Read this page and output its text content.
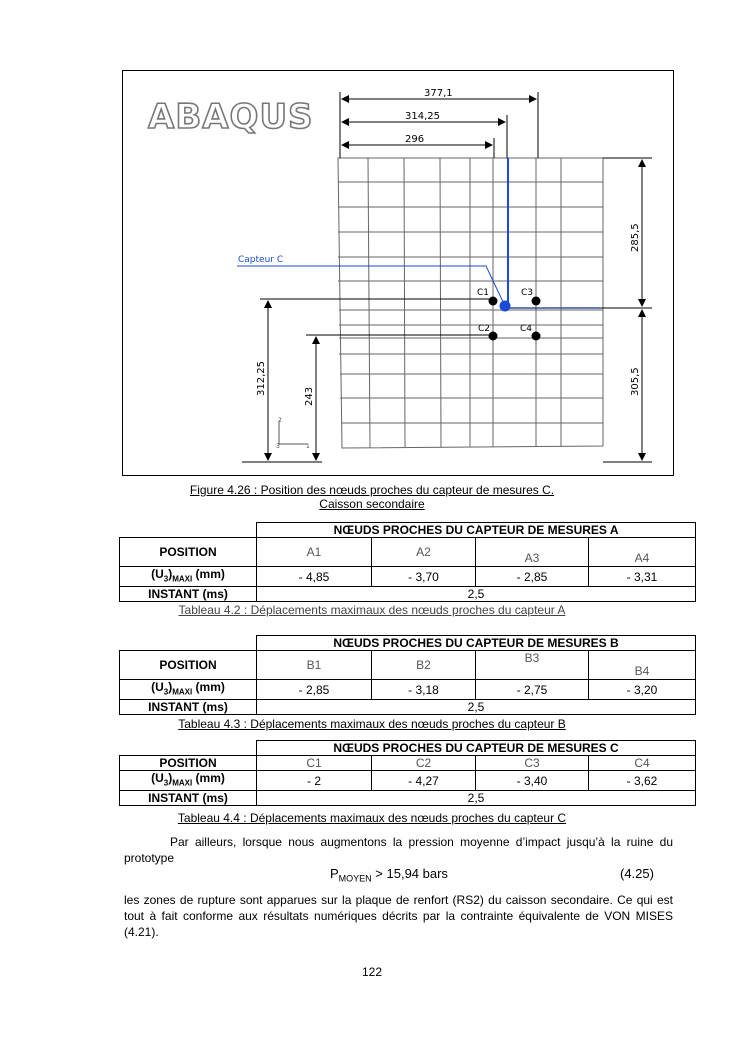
ABAQUS
377,1
314,25
296
285,5
305,5
312,25
243
2
3	1
Capteur C
C1
C2
C3
C4
Figure 4.26 : Position des nœuds proches du capteur de mesures C.
Caisson secondaire
	NŒUDS PROCHES DU CAPTEUR DE MESURES A			
POSITION	A1	A2	A3	A4
$(U_3)_{MAXI}$ (mm)	- 4,85	- 3,70	- 2,85	- 3,31
INSTANT (ms)	2,5			
Tableau 4.2 : Déplacements maximaux des nœuds proches du capteur A
	NŒUDS PROCHES DU CAPTEUR DE MESURES B			
POSITION	B1	B2	B3	B4
$(U_3)_{MAXI}$ (mm)	- 2,85	- 3,18	- 2,75	- 3,20
INSTANT (ms)	2,5			
Tableau 4.3 : Déplacements maximaux des nœuds proches du capteur B
	NŒUDS PROCHES DU CAPTEUR DE MESURES C			
POSITION	C1	C2	C3	C4
$(U_3)_{MAXI}$ (mm)	- 2	- 4,27	- 3,40	- 3,62
INSTANT (ms)	2,5			
Tableau 4.4 : Déplacements maximaux des nœuds proches du capteur C
Par ailleurs, lorsque nous augmentons la pression moyenne d’impact jusqu’à la ruine du prototype
$P_{MOYEN} > 15,94$ bars	(4.25)
les zones de rupture sont apparues sur la plaque de renfort (RS2) du caisson secondaire. Ce qui est tout à fait conforme aux résultats numériques décrits par la contrainte équivalente de VON MISES (4.21).
122
